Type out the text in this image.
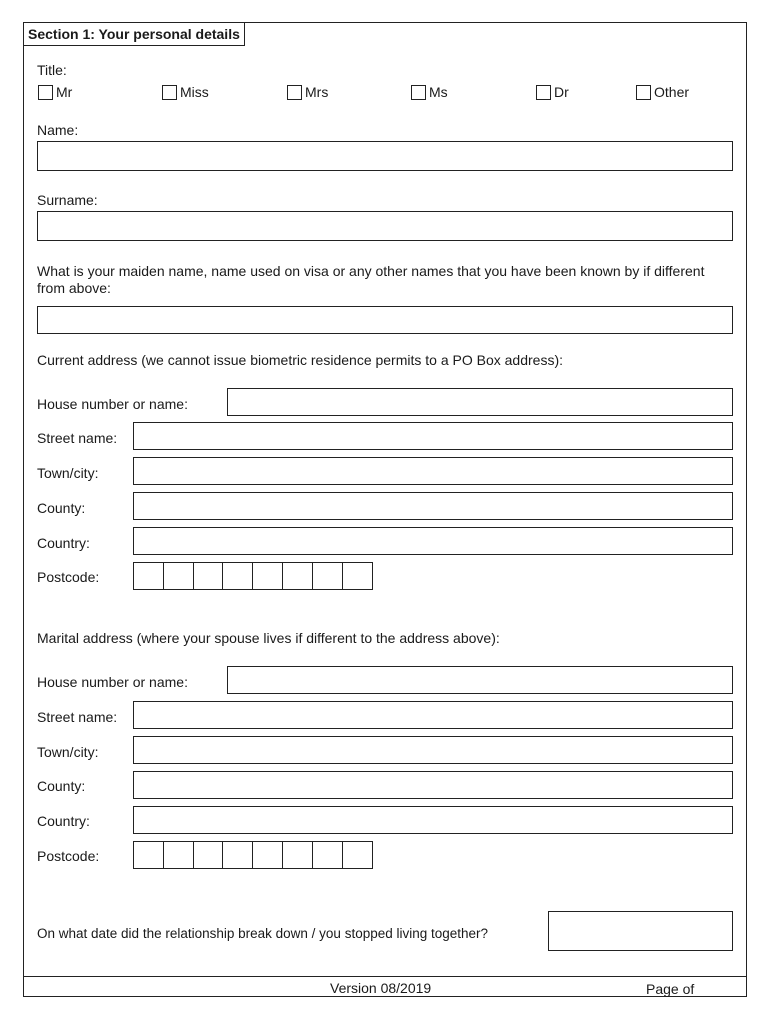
Section 1: Your personal details
Title:
Mr	Miss	Mrs	Ms	Dr	Other
Name:
Surname:
What is your maiden name, name used on visa or any other names that you have been known by if different from above:
Current address (we cannot issue biometric residence permits to a PO Box address):
House number or name:
Street name:
Town/city:
County:
Country:
Postcode:
Marital address (where your spouse lives if different to the address above):
House number or name:
Street name:
Town/city:
County:
Country:
Postcode:
On what date did the relationship break down / you stopped living together?
Version 08/2019	Page of
